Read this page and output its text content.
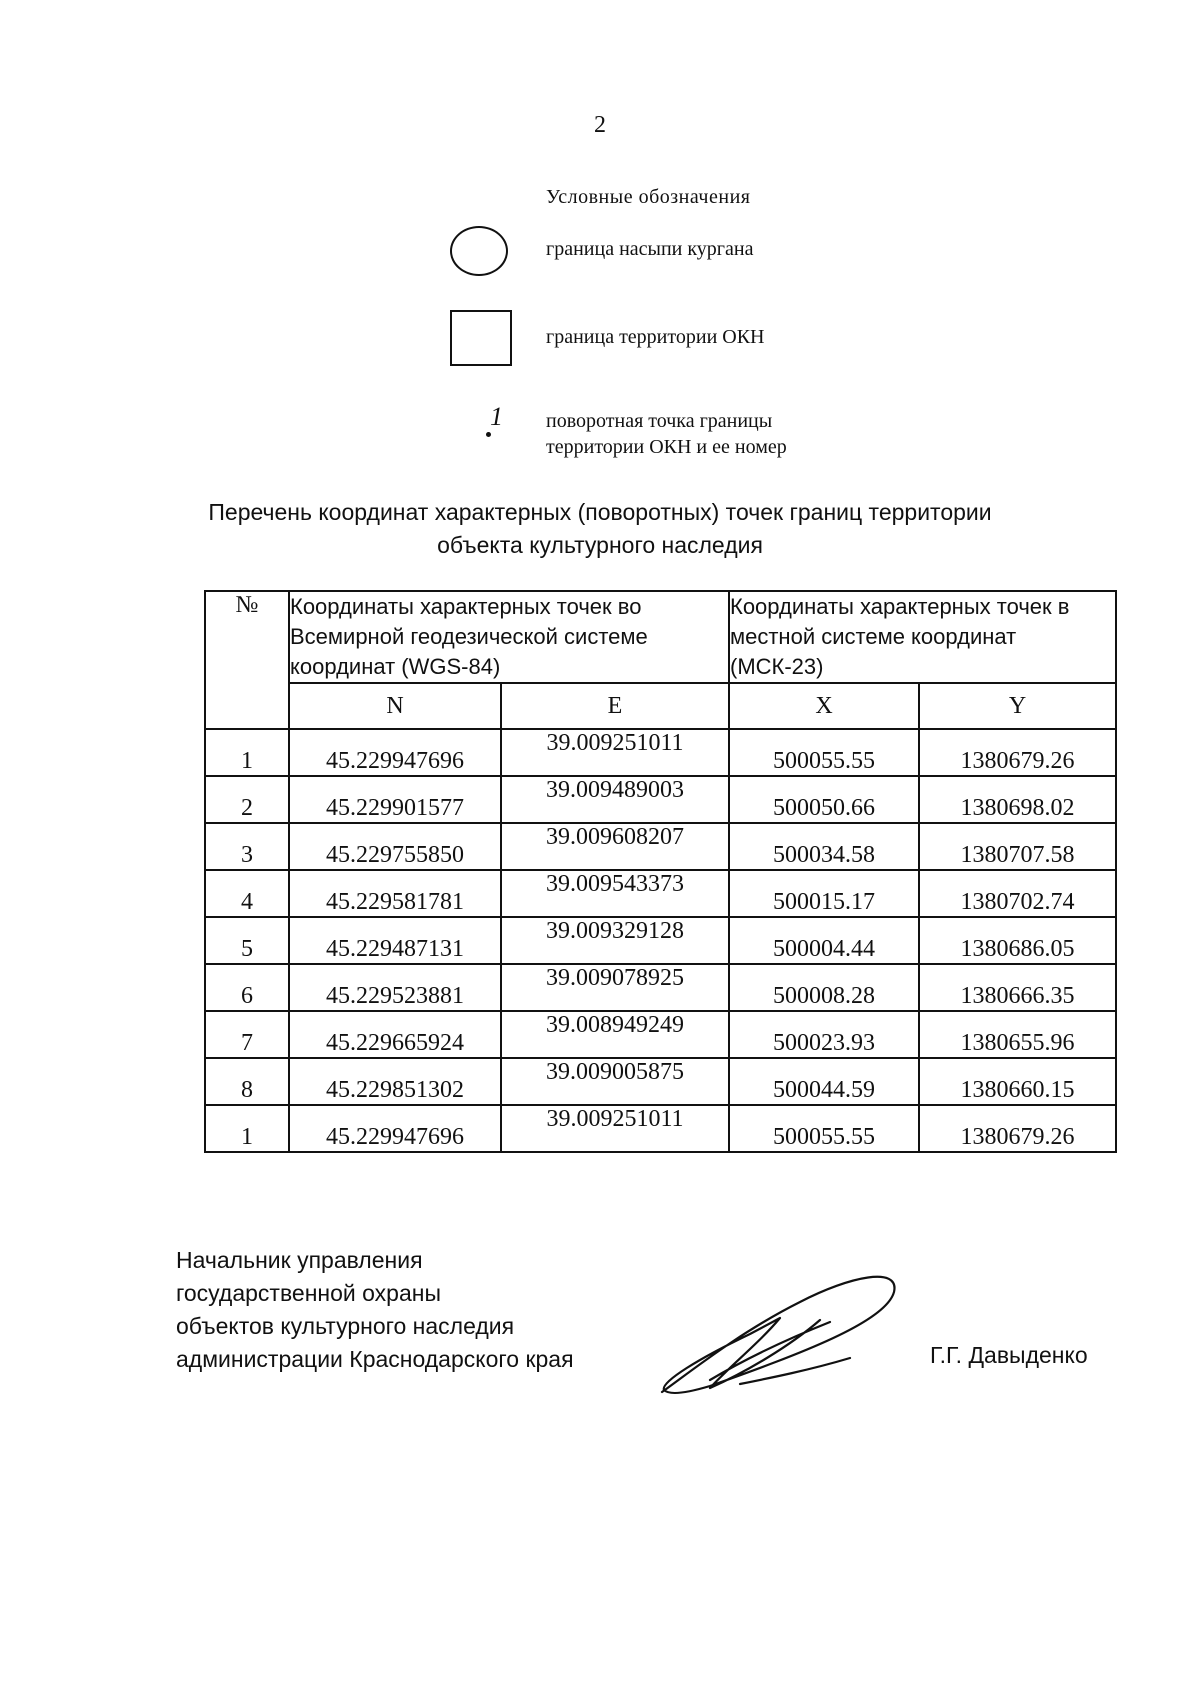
2
Условные обозначения
граница насыпи кургана
граница территории ОКН
1 поворотная точка границы
территории ОКН и ее номер
Перечень координат характерных (поворотных) точек границ территории
объекта культурного наследия
№	Координаты характерных точек во Всемирной геодезической системе координат (WGS-84)		Координаты характерных точек в местной системе координат (МСК-23)	
	N	E	X	Y
1	45.229947696	39.009251011	500055.55	1380679.26
2	45.229901577	39.009489003	500050.66	1380698.02
3	45.229755850	39.009608207	500034.58	1380707.58
4	45.229581781	39.009543373	500015.17	1380702.74
5	45.229487131	39.009329128	500004.44	1380686.05
6	45.229523881	39.009078925	500008.28	1380666.35
7	45.229665924	39.008949249	500023.93	1380655.96
8	45.229851302	39.009005875	500044.59	1380660.15
1	45.229947696	39.009251011	500055.55	1380679.26
Начальник управления
государственной охраны
объектов культурного наследия
администрации Краснодарского края	Г.Г. Давыденко
